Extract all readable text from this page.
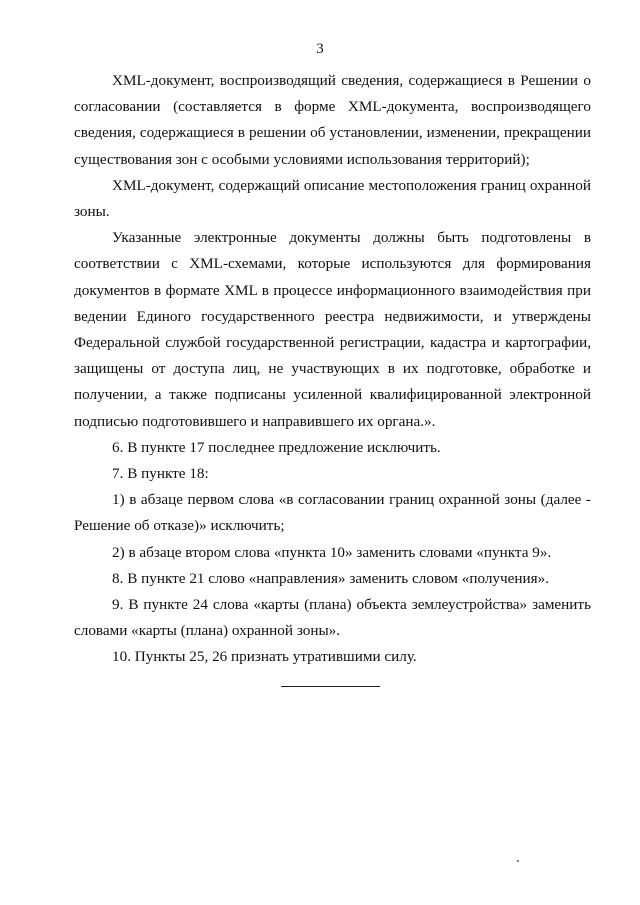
3

XML-документ, воспроизводящий сведения, содержащиеся в Решении о согласовании (составляется в форме XML-документа, воспроизводящего сведения, содержащиеся в решении об установлении, изменении, прекращении существования зон с особыми условиями использования территорий);

XML-документ, содержащий описание местоположения границ охранной зоны.

Указанные электронные документы должны быть подготовлены в соответствии с XML-схемами, которые используются для формирования документов в формате XML в процессе информационного взаимодействия при ведении Единого государственного реестра недвижимости, и утверждены Федеральной службой государственной регистрации, кадастра и картографии, защищены от доступа лиц, не участвующих в их подготовке, обработке и получении, а также подписаны усиленной квалифицированной электронной подписью подготовившего и направившего их органа.».

6. В пункте 17 последнее предложение исключить.

7. В пункте 18:

1) в абзаце первом слова «в согласовании границ охранной зоны (далее - Решение об отказе)» исключить;

2) в абзаце втором слова «пункта 10» заменить словами «пункта 9».

8. В пункте 21 слово «направления» заменить словом «получения».

9. В пункте 24 слова «карты (плана) объекта землеустройства» заменить словами «карты (плана) охранной зоны».

10. Пункты 25, 26 признать утратившими силу.
